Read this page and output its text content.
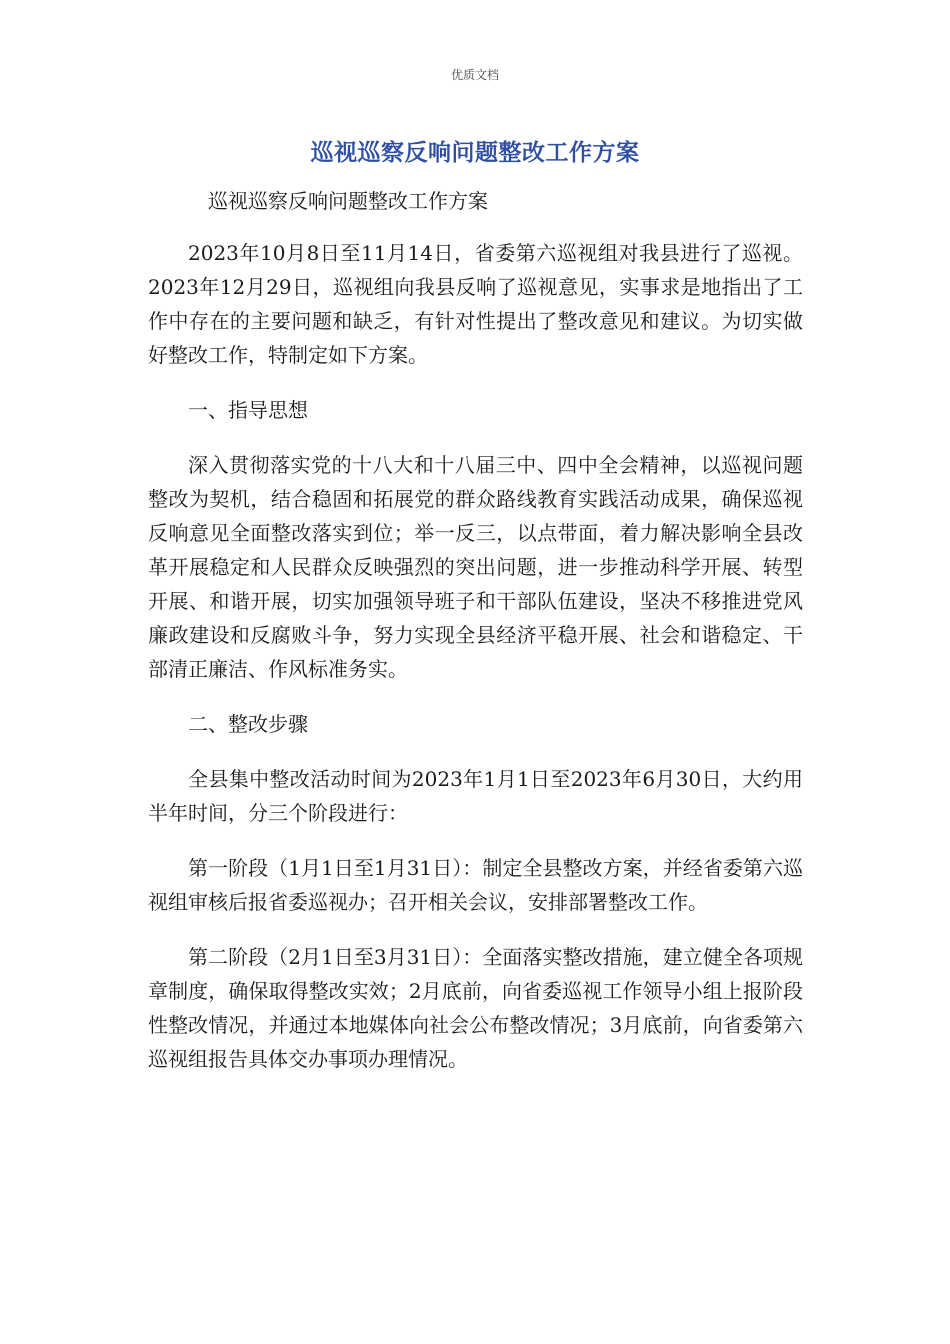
优质文档
巡视巡察反响问题整改工作方案

巡视巡察反响问题整改工作方案

2023年10月8日至11月14日，省委第六巡视组对我县进行了巡视。2023年12月29日，巡视组向我县反响了巡视意见，实事求是地指出了工作中存在的主要问题和缺乏，有针对性提出了整改意见和建议。为切实做好整改工作，特制定如下方案。

一、指导思想

深入贯彻落实党的十八大和十八届三中、四中全会精神，以巡视问题整改为契机，结合稳固和拓展党的群众路线教育实践活动成果，确保巡视反响意见全面整改落实到位；举一反三，以点带面，着力解决影响全县改革开展稳定和人民群众反映强烈的突出问题，进一步推动科学开展、转型开展、和谐开展，切实加强领导班子和干部队伍建设，坚决不移推进党风廉政建设和反腐败斗争，努力实现全县经济平稳开展、社会和谐稳定、干部清正廉洁、作风标准务实。

二、整改步骤

全县集中整改活动时间为2023年1月1日至2023年6月30日，大约用半年时间，分三个阶段进行：

第一阶段（1月1日至1月31日）：制定全县整改方案，并经省委第六巡视组审核后报省委巡视办；召开相关会议，安排部署整改工作。

第二阶段（2月1日至3月31日）：全面落实整改措施，建立健全各项规章制度，确保取得整改实效；2月底前，向省委巡视工作领导小组上报阶段性整改情况，并通过本地媒体向社会公布整改情况；3月底前，向省委第六巡视组报告具体交办事项办理情况。
